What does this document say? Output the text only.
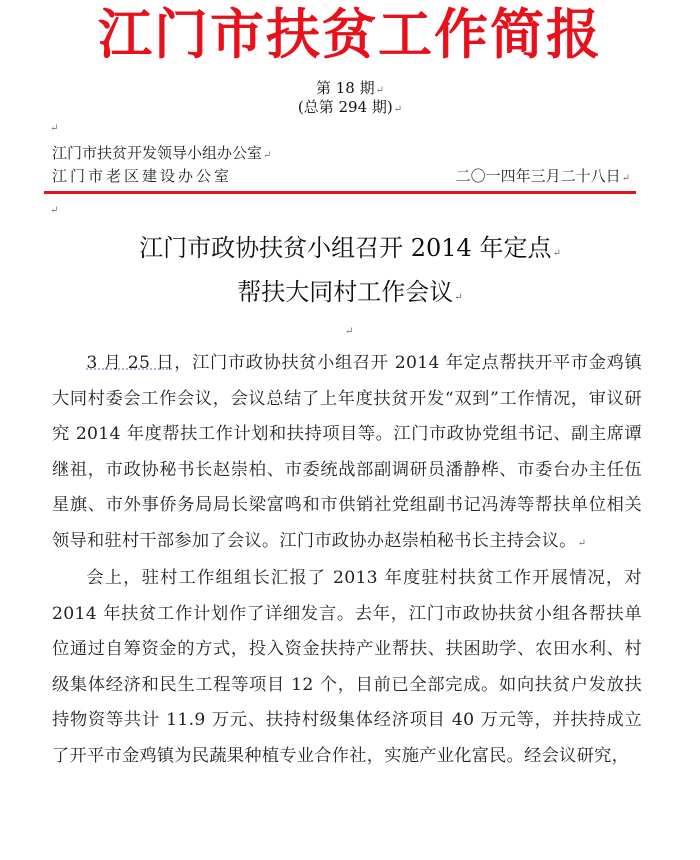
江门市扶贫工作简报
第 18 期↵
(总第 294 期)↵
↵
江门市扶贫开发领导小组办公室↵
江门市老区建设办公室	二〇一四年三月二十八日↵
↵
江门市政协扶贫小组召开 2014 年定点↵
帮扶大同村工作会议↵
↵

3 月 25 日，江门市政协扶贫小组召开 2014 年定点帮扶开平市金鸡镇大同村委会工作会议，会议总结了上年度扶贫开发“双到”工作情况，审议研究 2014 年度帮扶工作计划和扶持项目等。江门市政协党组书记、副主席谭继祖，市政协秘书长赵崇柏、市委统战部副调研员潘静桦、市委台办主任伍星旗、市外事侨务局局长梁富鸣和市供销社党组副书记冯涛等帮扶单位相关领导和驻村干部参加了会议。江门市政协办赵崇柏秘书长主持会议。↵

会上，驻村工作组组长汇报了 2013 年度驻村扶贫工作开展情况，对 2014 年扶贫工作计划作了详细发言。去年，江门市政协扶贫小组各帮扶单位通过自筹资金的方式，投入资金扶持产业帮扶、扶困助学、农田水利、村级集体经济和民生工程等项目 12 个，目前已全部完成。如向扶贫户发放扶持物资等共计 11.9 万元、扶持村级集体经济项目 40 万元等，并扶持成立了开平市金鸡镇为民蔬果种植专业合作社，实施产业化富民。经会议研究，
